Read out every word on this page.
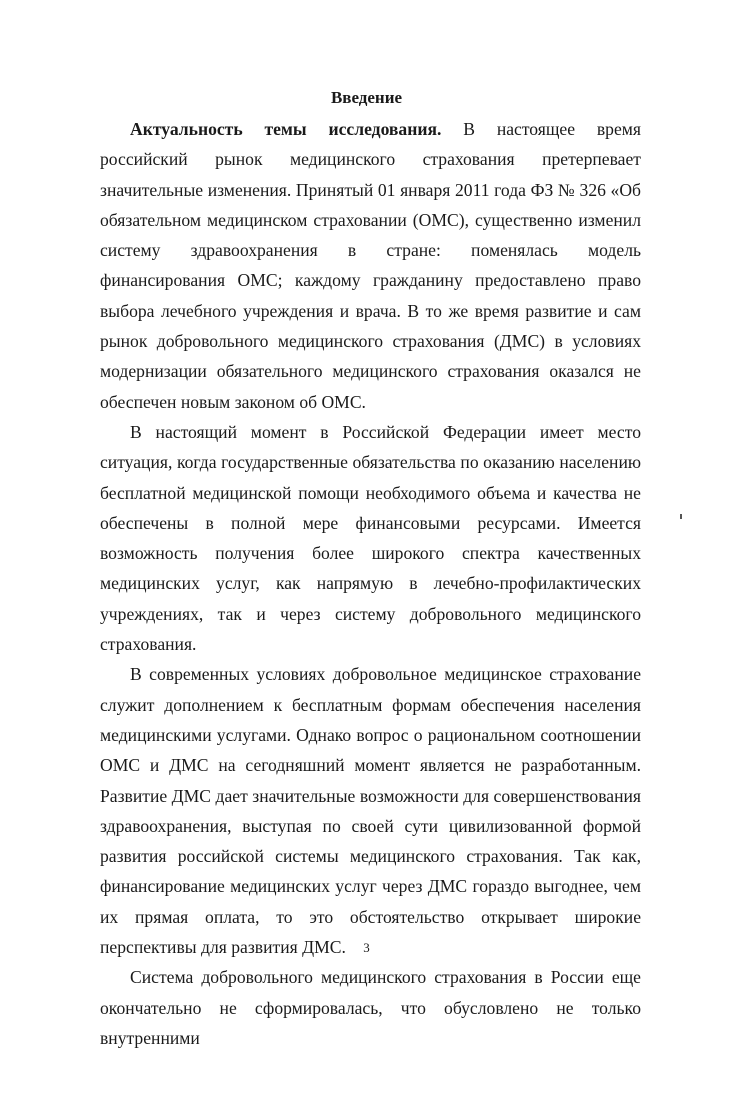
Введение

Актуальность темы исследования. В настоящее время российский рынок медицинского страхования претерпевает значительные изменения. Принятый 01 января 2011 года ФЗ № 326 «Об обязательном медицинском страховании (ОМС), существенно изменил систему здравоохранения в стране: поменялась модель финансирования ОМС; каждому гражданину предоставлено право выбора лечебного учреждения и врача. В то же время развитие и сам рынок добровольного медицинского страхования (ДМС) в условиях модернизации обязательного медицинского страхования оказался не обеспечен новым законом об ОМС.

В настоящий момент в Российской Федерации имеет место ситуация, когда государственные обязательства по оказанию населению бесплатной медицинской помощи необходимого объема и качества не обеспечены в полной мере финансовыми ресурсами. Имеется возможность получения более широкого спектра качественных медицинских услуг, как напрямую в лечебно-профилактических учреждениях, так и через систему добровольного медицинского страхования.

В современных условиях добровольное медицинское страхование служит дополнением к бесплатным формам обеспечения населения медицинскими услугами. Однако вопрос о рациональном соотношении ОМС и ДМС на сегодняшний момент является не разработанным. Развитие ДМС дает значительные возможности для совершенствования здравоохранения, выступая по своей сути цивилизованной формой развития российской системы медицинского страхования. Так как, финансирование медицинских услуг через ДМС гораздо выгоднее, чем их прямая оплата, то это обстоятельство открывает широкие перспективы для развития ДМС.

Система добровольного медицинского страхования в России еще окончательно не сформировалась, что обусловлено не только внутренними

3
